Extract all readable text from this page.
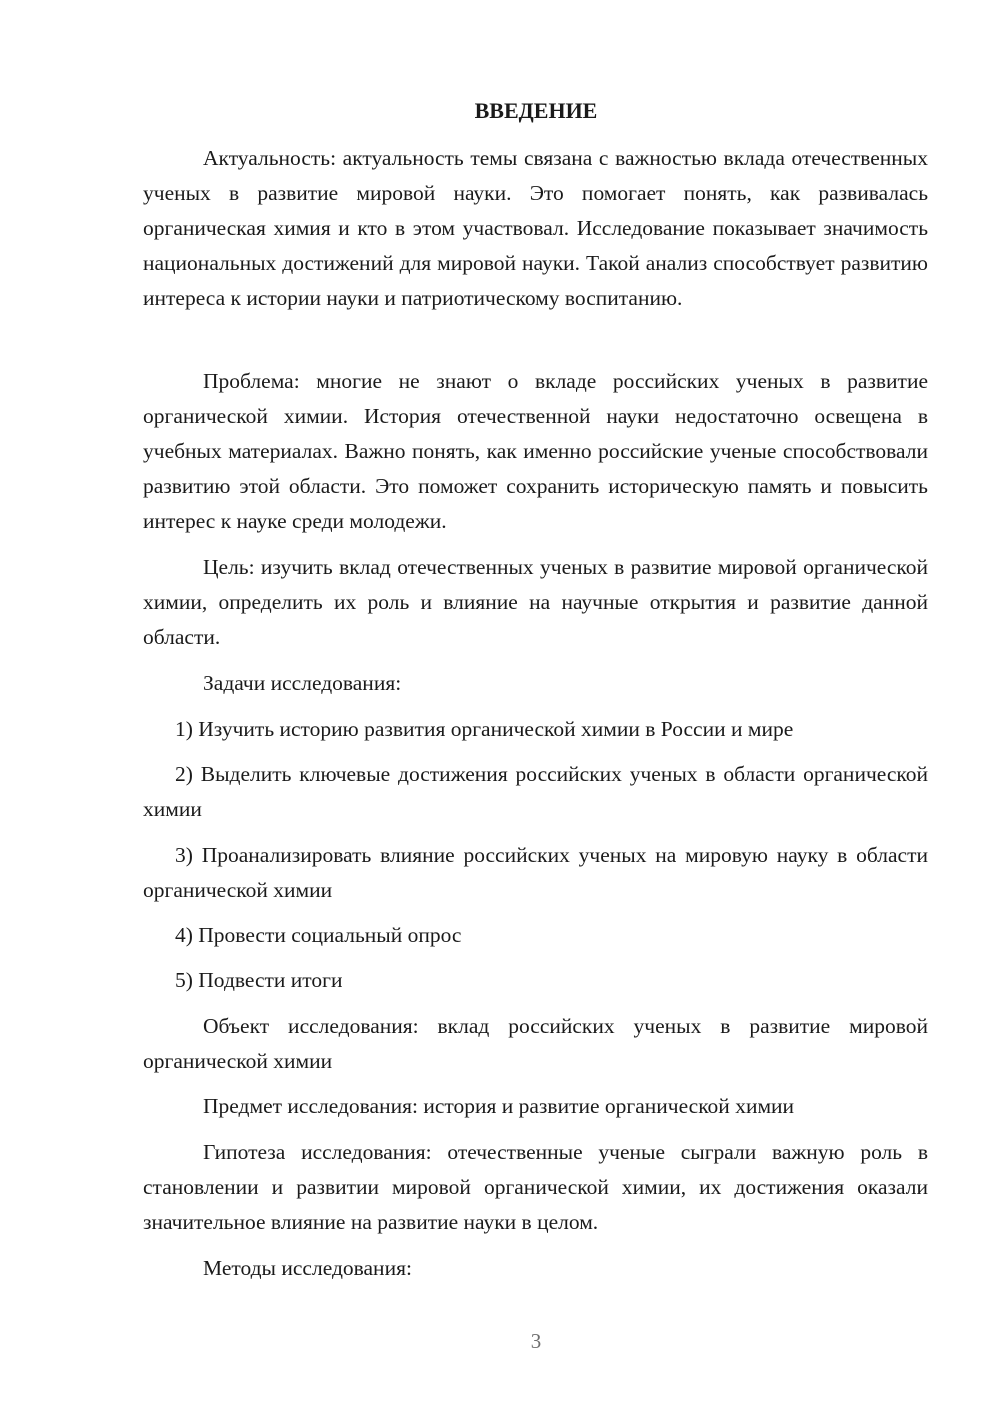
ВВЕДЕНИЕ

Актуальность: актуальность темы связана с важностью вклада отечественных ученых в развитие мировой науки. Это помогает понять, как развивалась органическая химия и кто в этом участвовал. Исследование показывает значимость национальных достижений для мировой науки. Такой анализ способствует развитию интереса к истории науки и патриотическому воспитанию.

Проблема: многие не знают о вкладе российских ученых в развитие органической химии. История отечественной науки недостаточно освещена в учебных материалах. Важно понять, как именно российские ученые способствовали развитию этой области. Это поможет сохранить историческую память и повысить интерес к науке среди молодежи.

Цель: изучить вклад отечественных ученых в развитие мировой органической химии, определить их роль и влияние на научные открытия и развитие данной области.

Задачи исследования:

1) Изучить историю развития органической химии в России и мире

2) Выделить ключевые достижения российских ученых в области органической химии

3) Проанализировать влияние российских ученых на мировую науку в области органической химии

4) Провести социальный опрос

5) Подвести итоги

Объект исследования: вклад российских ученых в развитие мировой органической химии

Предмет исследования: история и развитие органической химии

Гипотеза исследования: отечественные ученые сыграли важную роль в становлении и развитии мировой органической химии, их достижения оказали значительное влияние на развитие науки в целом.

Методы исследования:

3
